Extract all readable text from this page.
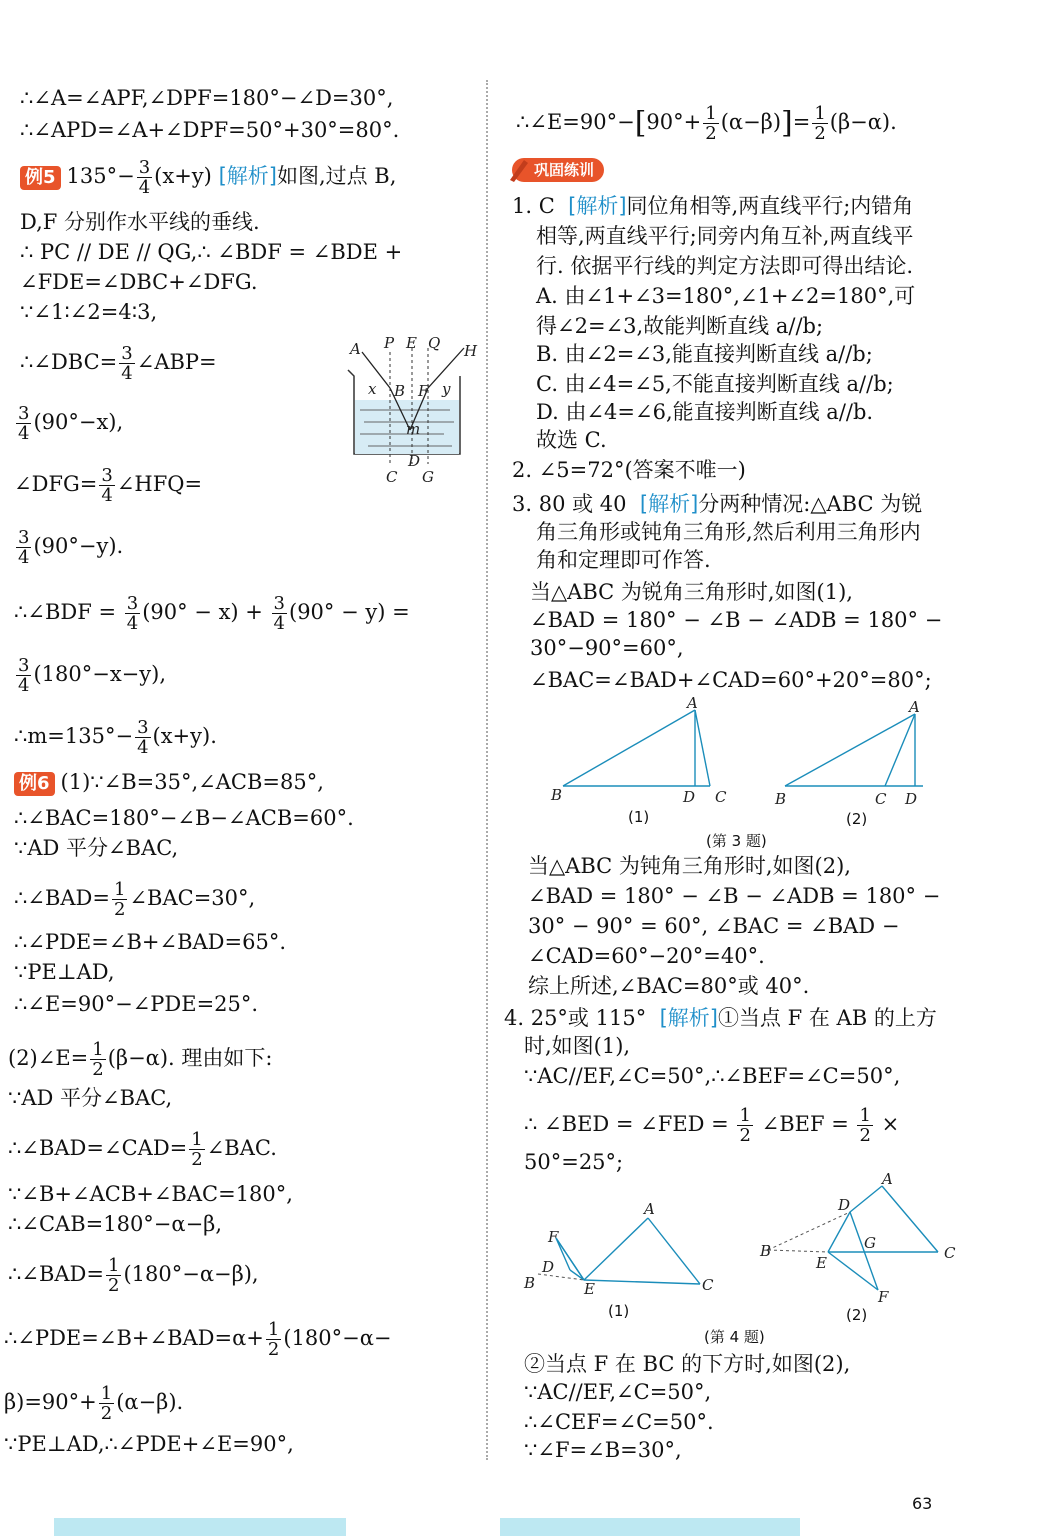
∴∠A=∠APF,∠DPF=180°−∠D=30°,
∴∠APD=∠A+∠DPF=50°+30°=80°.
例5 $135^\circ- \frac{3}{4} (x+y)$ [解析]如图,过点 B,
D,F 分别作水平线的垂线.
∴ PC // DE // QG,∴ ∠BDF = ∠BDE +
∠FDE=∠DBC+∠DFG.
∵∠1∶∠2=4∶3,
∴∠DBC= $\frac{3}{4}$ ∠ABP=
$\frac{3}{4} (90^\circ-x)$,
∠DFG= $\frac{3}{4}$ ∠HFQ=
$\frac{3}{4} (90^\circ-y)$.
∴∠BDF = $\frac{3}{4} (90^\circ - x) + \frac{3}{4} (90^\circ - y)$ =
$\frac{3}{4} (180^\circ-x-y)$,
∴m=135°− $\frac{3}{4} (x+y)$.
例6 (1)∵∠B=35°,∠ACB=85°,
∴∠BAC=180°−∠B−∠ACB=60°.
∵AD 平分∠BAC,
∴∠BAD= $\frac{1}{2}$ ∠BAC=30°,
∴∠PDE=∠B+∠BAD=65°.
∵PE⊥AD,
∴∠E=90°−∠PDE=25°.
(2)∠E= $\frac{1}{2} (\beta-\alpha)$. 理由如下:
∵AD 平分∠BAC,
∴∠BAD=∠CAD= $\frac{1}{2}$ ∠BAC.
∵∠B+∠ACB+∠BAC=180°,
∴∠CAB=180°−α−β,
∴∠BAD= $\frac{1}{2} (180^\circ-\alpha-\beta)$,
∴∠PDE=∠B+∠BAD=α+ $\frac{1}{2} (180^\circ-\alpha-$
$\beta)=90^\circ+ \frac{1}{2} (\alpha-\beta)$.
∵PE⊥AD,∴∠PDE+∠E=90°,
A P E Q H
x B F y
m
D
C G
∴∠E=90°−[90°+ $\frac{1}{2} (\alpha-\beta)]= \frac{1}{2} (\beta-\alpha)$.
巩固练训
1. C [解析]同位角相等,两直线平行;内错角
相等,两直线平行;同旁内角互补,两直线平
行. 依据平行线的判定方法即可得出结论.
A. 由∠1+∠3=180°,∠1+∠2=180°,可
得∠2=∠3,故能判断直线 a//b;
B. 由∠2=∠3,能直接判断直线 a//b;
C. 由∠4=∠5,不能直接判断直线 a//b;
D. 由∠4=∠6,能直接判断直线 a//b.
故选 C.
2. ∠5=72°(答案不唯一)
3. 80 或 40 [解析]分两种情况:△ABC 为锐
角三角形或钝角三角形,然后利用三角形内
角和定理即可作答.
当△ABC 为锐角三角形时,如图(1),
∠BAD = 180° − ∠B − ∠ADB = 180° −
30°−90°=60°,
∠BAC=∠BAD+∠CAD=60°+20°=80°;
A
B	D C
A
B	C D
(1)	(2)
(第 3 题)
当△ABC 为钝角三角形时,如图(2),
∠BAD = 180° − ∠B − ∠ADB = 180° −
30° − 90° = 60°, ∠BAC = ∠BAD −
∠CAD=60°−20°=40°.
综上所述,∠BAC=80°或 40°.
4. 25°或 115° [解析]①当点 F 在 AB 的上方
时,如图(1),
∵AC//EF,∠C=50°,∴∠BEF=∠C=50°,
∴ ∠BED = ∠FED = $\frac{1}{2}$ ∠BEF = $\frac{1}{2}$ ×
50°=25°;
F
D
B	E
A
C
A
D
B	G
E
C
F
(1)	(2)
(第 4 题)
②当点 F 在 BC 的下方时,如图(2),
∵AC//EF,∠C=50°,
∴∠CEF=∠C=50°.
∵∠F=∠B=30°,
63
